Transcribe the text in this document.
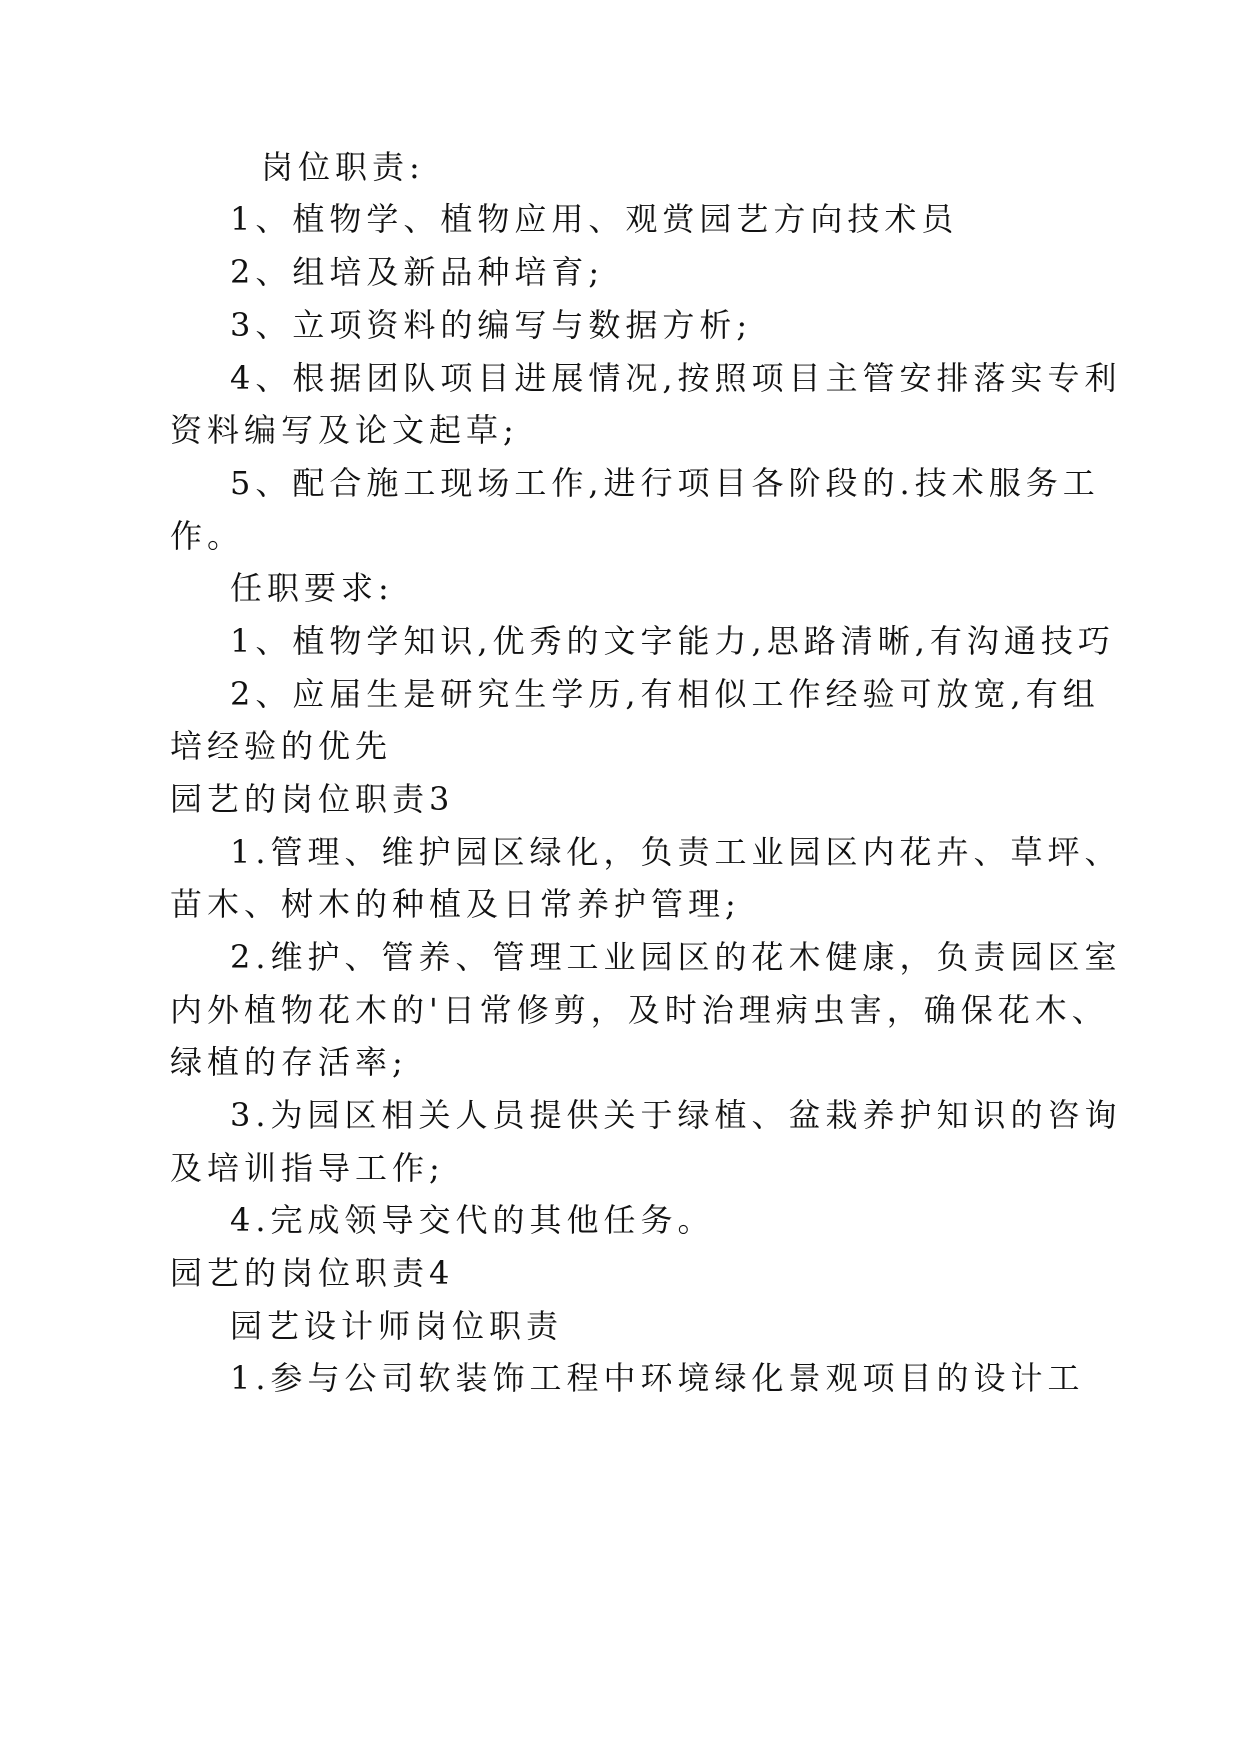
岗位职责:
1、植物学、植物应用、观赏园艺方向技术员
2、组培及新品种培育;
3、立项资料的编写与数据方析;
4、根据团队项目进展情况,按照项目主管安排落实专利
资料编写及论文起草;
5、配合施工现场工作,进行项目各阶段的.技术服务工
作。
任职要求:
1、植物学知识,优秀的文字能力,思路清晰,有沟通技巧
2、应届生是研究生学历,有相似工作经验可放宽,有组
培经验的优先
园艺的岗位职责3
1.管理、维护园区绿化，负责工业园区内花卉、草坪、
苗木、树木的种植及日常养护管理;
2.维护、管养、管理工业园区的花木健康，负责园区室
内外植物花木的'日常修剪，及时治理病虫害，确保花木、
绿植的存活率;
3.为园区相关人员提供关于绿植、盆栽养护知识的咨询
及培训指导工作;
4.完成领导交代的其他任务。
园艺的岗位职责4
园艺设计师岗位职责
1.参与公司软装饰工程中环境绿化景观项目的设计工
